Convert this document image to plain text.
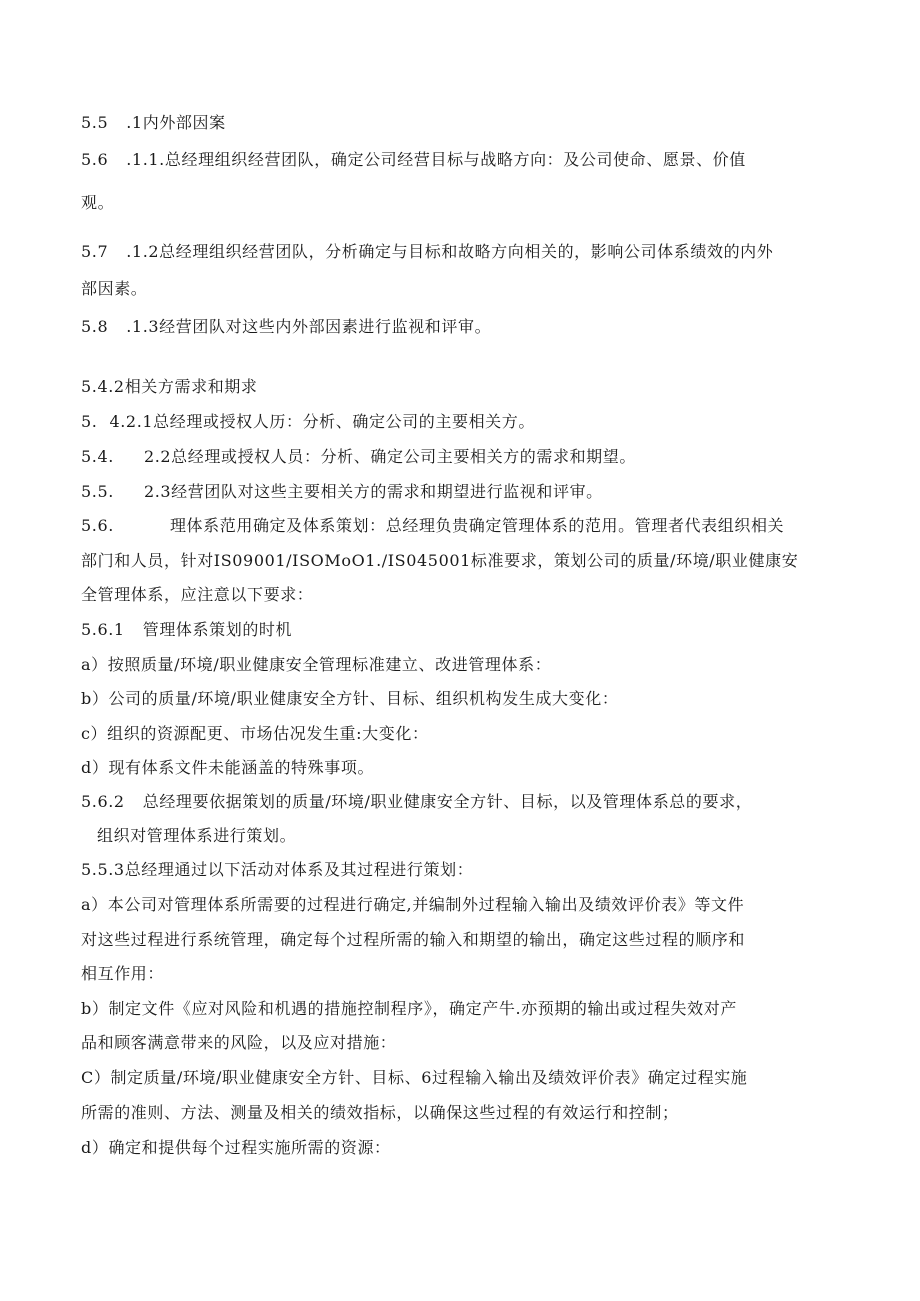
5.5 .1内外部因案
5.6 .1.1.总经理组织经营团队，确定公司经营目标与战略方向：及公司使命、愿景、价值
观。
5.7 .1.2总经理组织经营团队，分析确定与目标和故略方向相关的，影响公司体系绩效的内外
部因素。
5.8 .1.3经营团队对这些内外部因素进行监视和评审。
5.4.2相关方需求和期求
5. 4.2.1总经理或授权人历：分析、确定公司的主要相关方。
5.4. 2.2总经理或授权人员：分析、确定公司主要相关方的需求和期望。
5.5. 2.3经营团队对这些主要相关方的需求和期望进行监视和评审。
5.6.	理体系范用确定及体系策划：总经理负贵确定管理体系的范用。管理者代表组织相关
部门和人员，针对IS09001/ISOMoO1./IS045001标准要求，策划公司的质量/环境/职业健康安
全管理体系，应注意以下要求：
5.6.1 管理体系策划的时机
a）按照质量/环境/职业健康安全管理标准建立、改进管理体系：
b）公司的质量/环境/职业健康安全方针、目标、组织机构发生成大变化：
c）组织的资源配更、市场估况发生重:大变化：
d）现有体系文件未能涵盖的特殊事项。
5.6.2 总经理要依据策划的质量/环境/职业健康安全方针、目标，以及管理体系总的要求，
组织对管理体系进行策划。
5.5.3总经理通过以下活动对体系及其过程进行策划：
a）本公司对管理体系所需要的过程进行确定,并编制外过程输入输出及绩效评价表》等文件
对这些过程进行系统管理，确定每个过程所需的输入和期望的输出，确定这些过程的顺序和
相互作用：
b）制定文件《应对风险和机遇的措施控制程序》，确定产牛.亦预期的输出或过程失效对产
品和顾客满意带来的风险，以及应对措施：
C）制定质量/环境/职业健康安全方针、目标、6过程输入输出及绩效评价表》确定过程实施
所需的准则、方法、测量及相关的绩效指标，以确保这些过程的有效运行和控制；
d）确定和提供每个过程实施所需的资源：
